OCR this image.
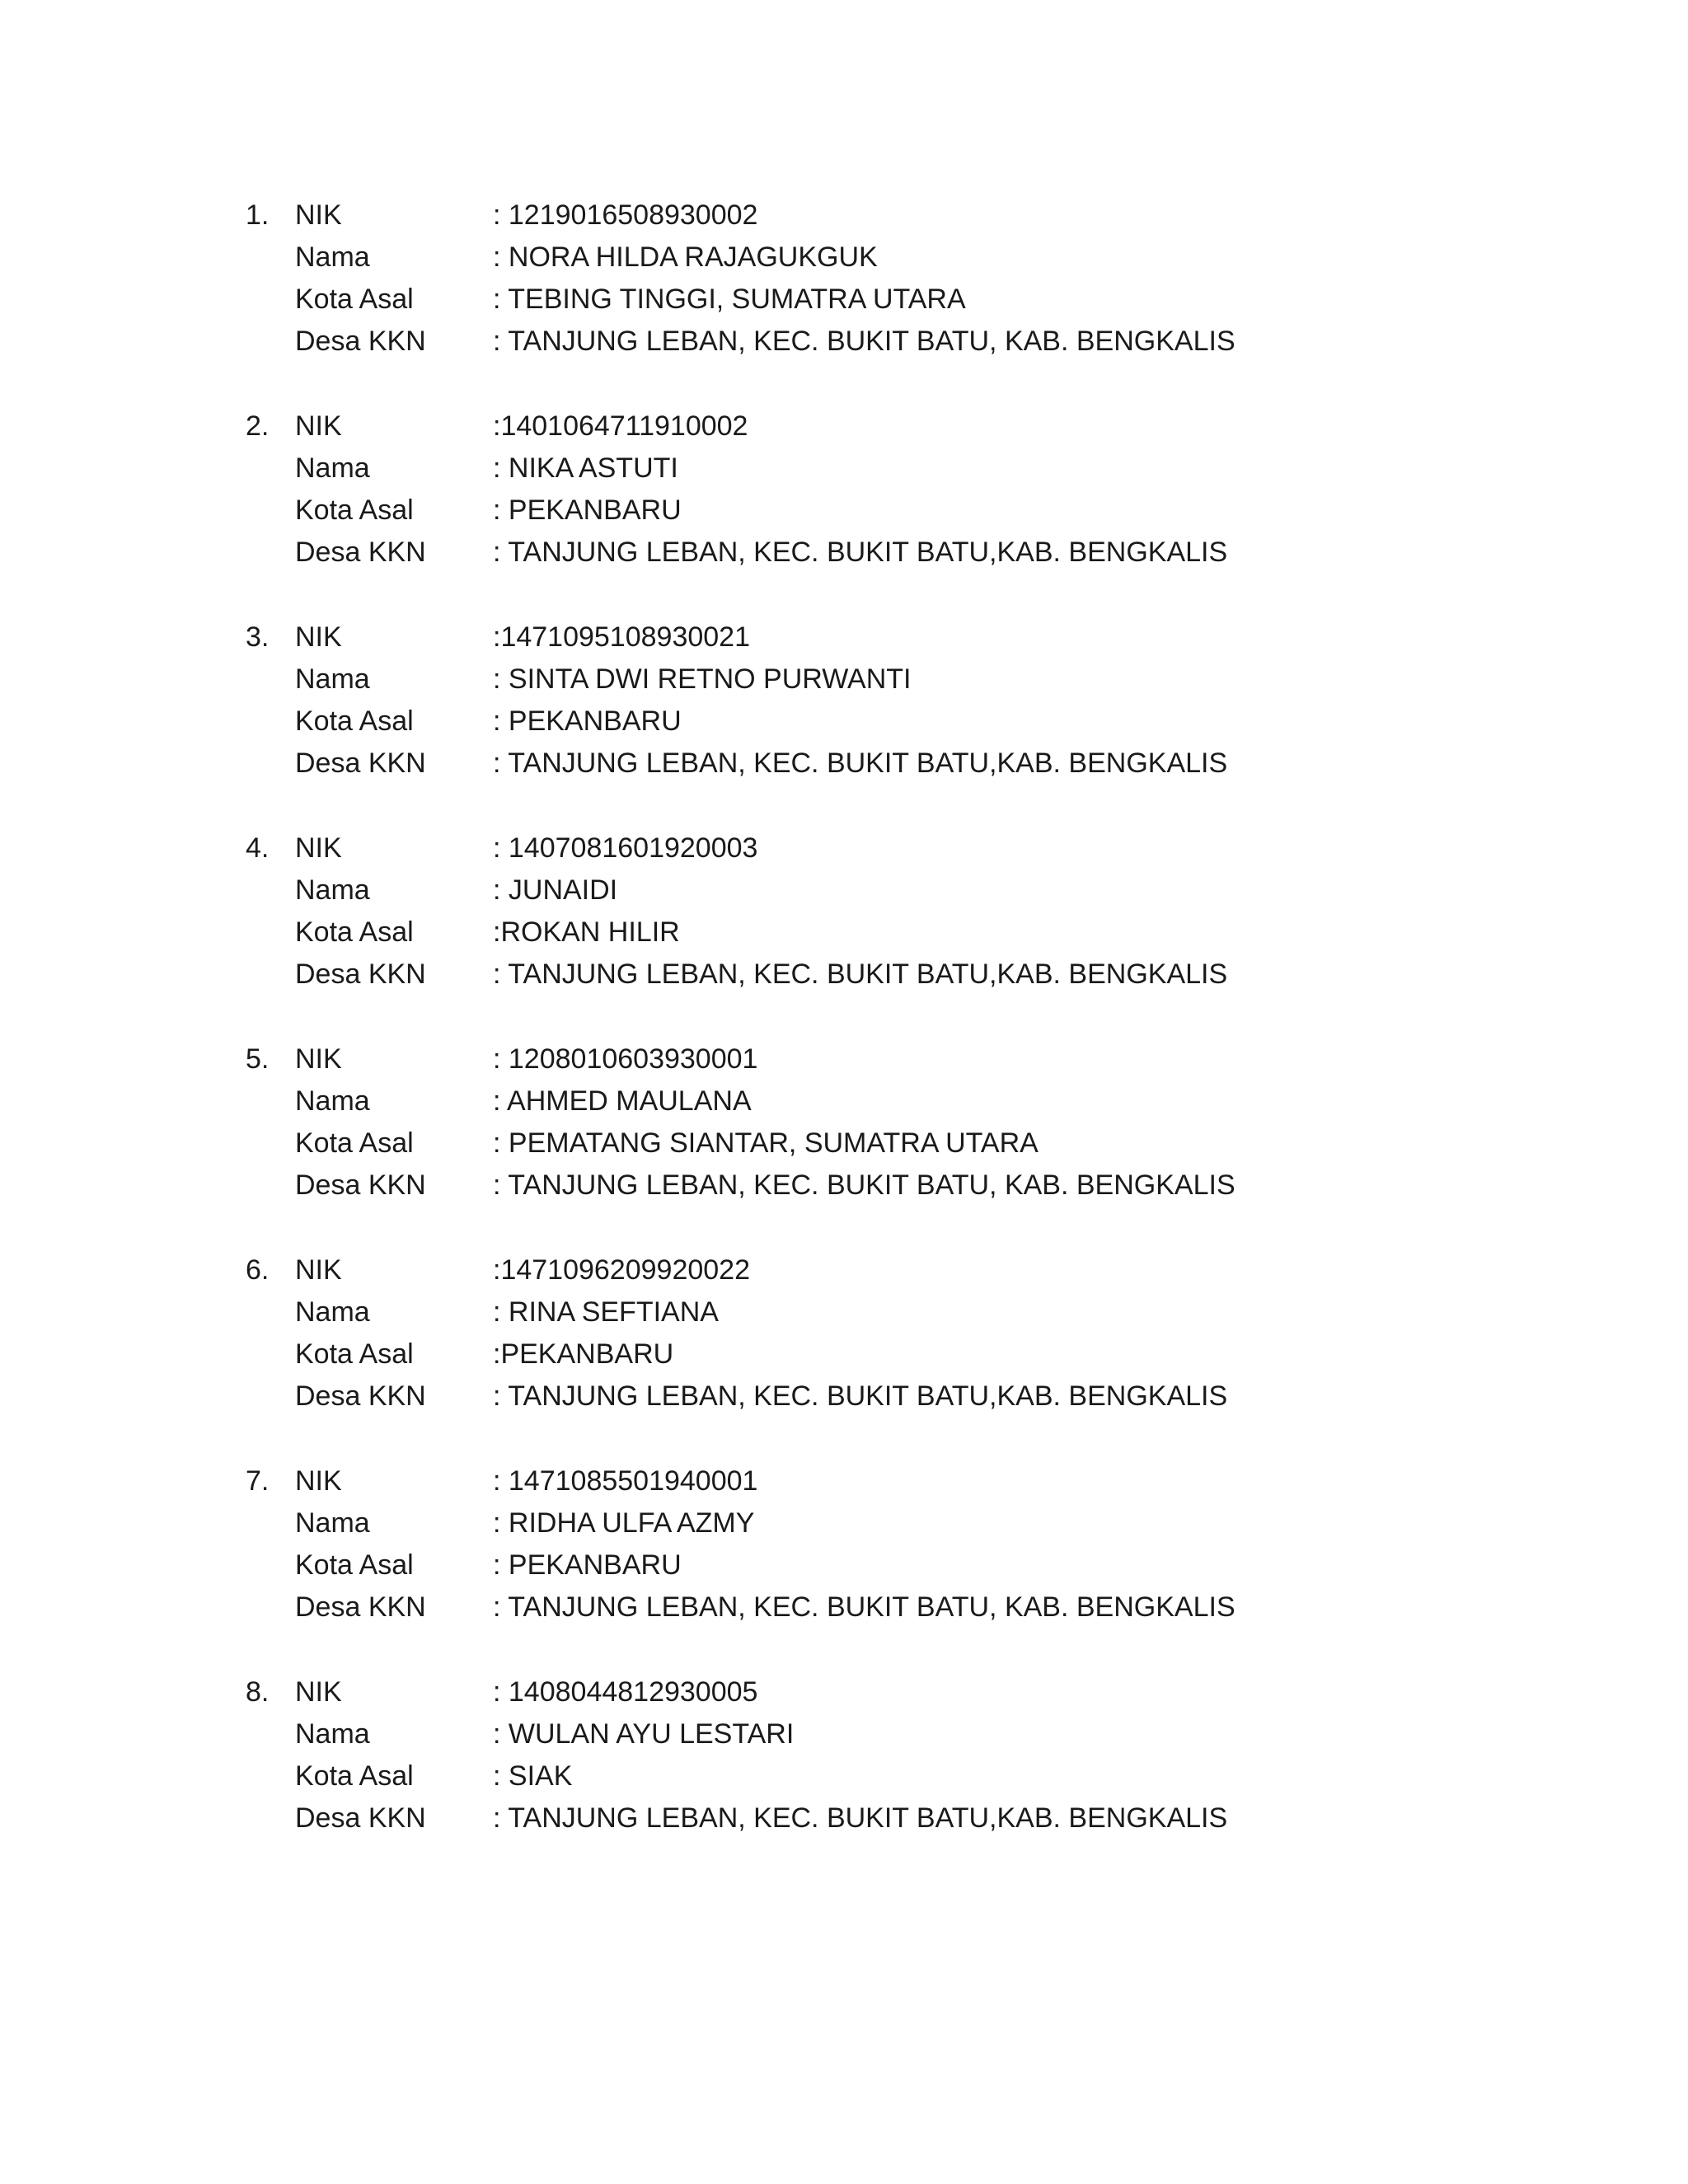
1. NIK	: 1219016508930002
Nama	: NORA HILDA RAJAGUKGUK
Kota Asal	: TEBING TINGGI, SUMATRA UTARA
Desa KKN	: TANJUNG LEBAN, KEC. BUKIT BATU, KAB. BENGKALIS
2. NIK	:1401064711910002
Nama	: NIKA ASTUTI
Kota Asal	: PEKANBARU
Desa KKN	: TANJUNG LEBAN, KEC. BUKIT BATU,KAB. BENGKALIS
3. NIK	:1471095108930021
Nama	: SINTA DWI RETNO PURWANTI
Kota Asal	: PEKANBARU
Desa KKN	: TANJUNG LEBAN, KEC. BUKIT BATU,KAB. BENGKALIS
4. NIK	: 1407081601920003
Nama	: JUNAIDI
Kota Asal	:ROKAN HILIR
Desa KKN	: TANJUNG LEBAN, KEC. BUKIT BATU,KAB. BENGKALIS
5. NIK	: 1208010603930001
Nama	: AHMED MAULANA
Kota Asal	: PEMATANG SIANTAR, SUMATRA UTARA
Desa KKN	: TANJUNG LEBAN, KEC. BUKIT BATU, KAB. BENGKALIS
6. NIK	:1471096209920022
Nama	: RINA SEFTIANA
Kota Asal	:PEKANBARU
Desa KKN	: TANJUNG LEBAN, KEC. BUKIT BATU,KAB. BENGKALIS
7. NIK	: 1471085501940001
Nama	: RIDHA ULFA AZMY
Kota Asal	: PEKANBARU
Desa KKN	: TANJUNG LEBAN, KEC. BUKIT BATU, KAB. BENGKALIS
8. NIK	: 1408044812930005
Nama	: WULAN AYU LESTARI
Kota Asal	: SIAK
Desa KKN	: TANJUNG LEBAN, KEC. BUKIT BATU,KAB. BENGKALIS
